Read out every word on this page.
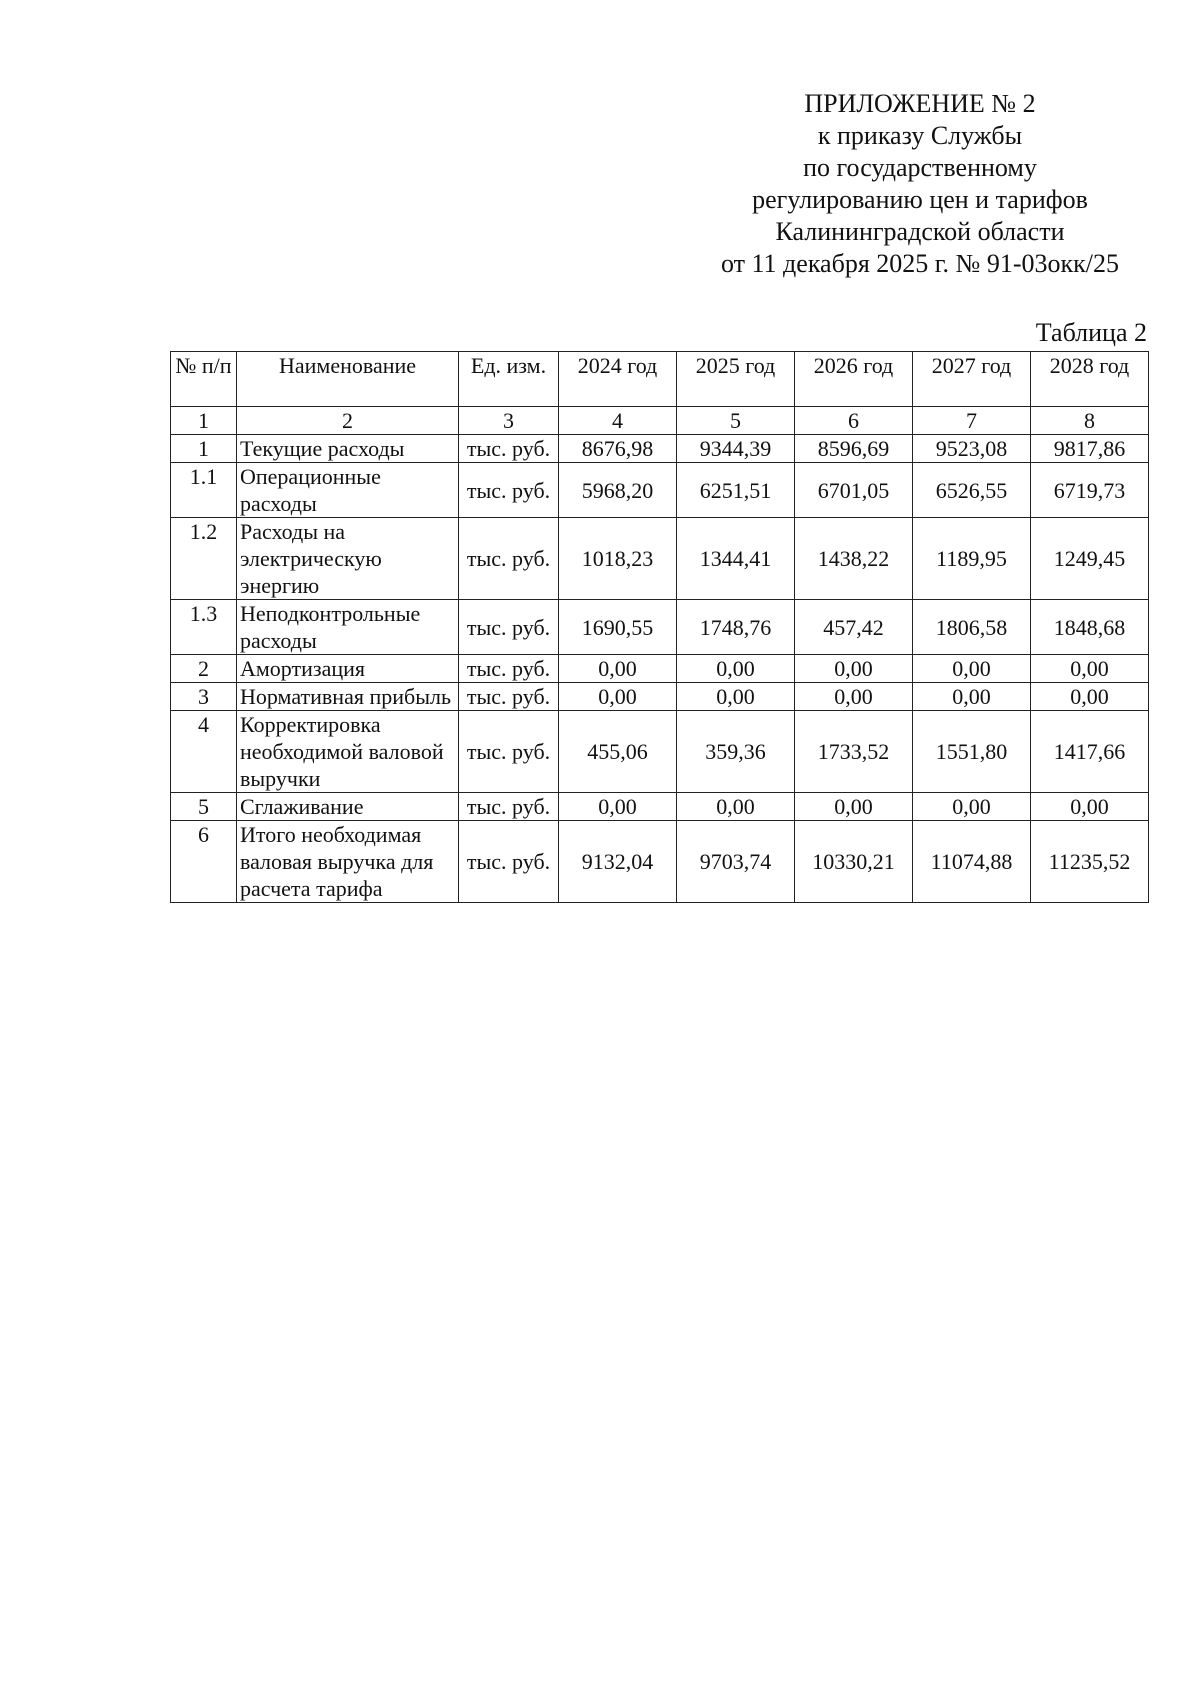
ПРИЛОЖЕНИЕ № 2
к приказу Службы
по государственному
регулированию цен и тарифов
Калининградской области
от 11 декабря 2025 г. № 91-03окк/25
Таблица 2
№ п/п	Наименование	Ед. изм.	2024 год	2025 год	2026 год	2027 год	2028 год
1	2	3	4	5	6	7	8
1	Текущие расходы	тыс. руб.	8676,98	9344,39	8596,69	9523,08	9817,86
1.1	Операционные расходы	тыс. руб.	5968,20	6251,51	6701,05	6526,55	6719,73
1.2	Расходы на электрическую энергию	тыс. руб.	1018,23	1344,41	1438,22	1189,95	1249,45
1.3	Неподконтрольные расходы	тыс. руб.	1690,55	1748,76	457,42	1806,58	1848,68
2	Амортизация	тыс. руб.	0,00	0,00	0,00	0,00	0,00
3	Нормативная прибыль	тыс. руб.	0,00	0,00	0,00	0,00	0,00
4	Корректировка необходимой валовой выручки	тыс. руб.	455,06	359,36	1733,52	1551,80	1417,66
5	Сглаживание	тыс. руб.	0,00	0,00	0,00	0,00	0,00
6	Итого необходимая валовая выручка для расчета тарифа	тыс. руб.	9132,04	9703,74	10330,21	11074,88	11235,52
